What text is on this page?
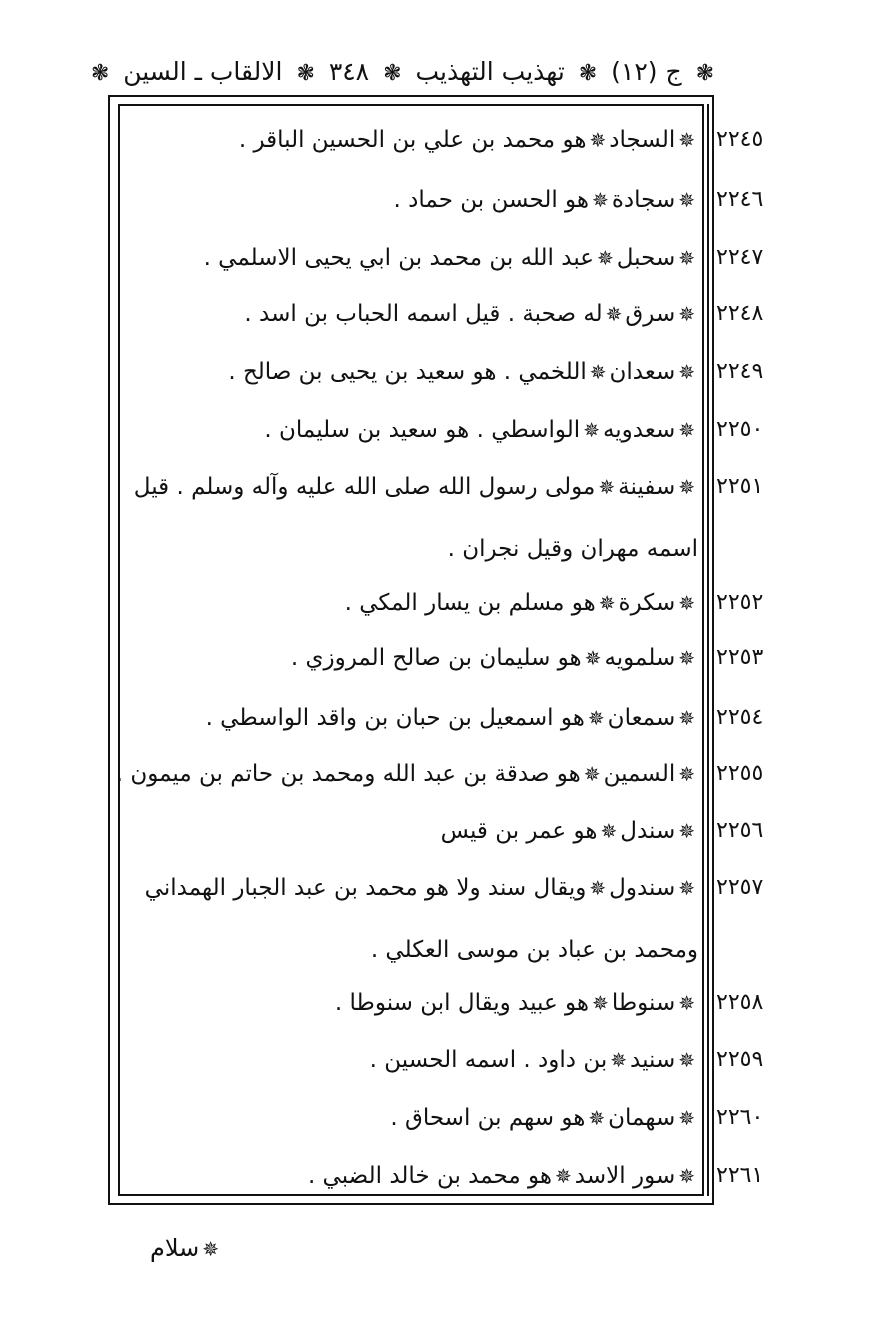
❃ ج (١٢) ❃ تهذيب التهذيب ❃ ٣٤٨ ❃ الالقاب ـ السين ❃
٢٢٤٥
✵السجاد✵هو محمد بن علي بن الحسين الباقر .
٢٢٤٦
✵سجادة✵هو الحسن بن حماد .
٢٢٤٧
✵سحبل✵عبد الله بن محمد بن ابي يحيى الاسلمي .
٢٢٤٨
✵سرق✵له صحبة . قيل اسمه الحباب بن اسد .
٢٢٤٩
✵سعدان✵اللخمي . هو سعيد بن يحيى بن صالح .
٢٢٥٠
✵سعدويه✵الواسطي . هو سعيد بن سليمان .
٢٢٥١
✵سفينة✵مولى رسول الله صلى الله عليه وآله وسلم . قيل اسمه مهران وقيل نجران .
٢٢٥٢
✵سكرة✵هو مسلم بن يسار المكي .
٢٢٥٣
✵سلمويه✵هو سليمان بن صالح المروزي .
٢٢٥٤
✵سمعان✵هو اسمعيل بن حبان بن واقد الواسطي .
٢٢٥٥
✵السمين✵هو صدقة بن عبد الله ومحمد بن حاتم بن ميمون .
٢٢٥٦
✵سندل✵هو عمر بن قيس
٢٢٥٧
✵سندول✵ويقال سند ولا هو محمد بن عبد الجبار الهمداني ومحمد بن عباد بن موسى العكلي .
٢٢٥٨
✵سنوطا✵هو عبيد ويقال ابن سنوطا .
٢٢٥٩
✵سنيد✵بن داود . اسمه الحسين .
٢٢٦٠
✵سهمان✵هو سهم بن اسحاق .
٢٢٦١
✵سور الاسد✵هو محمد بن خالد الضبي .
✵سلام
